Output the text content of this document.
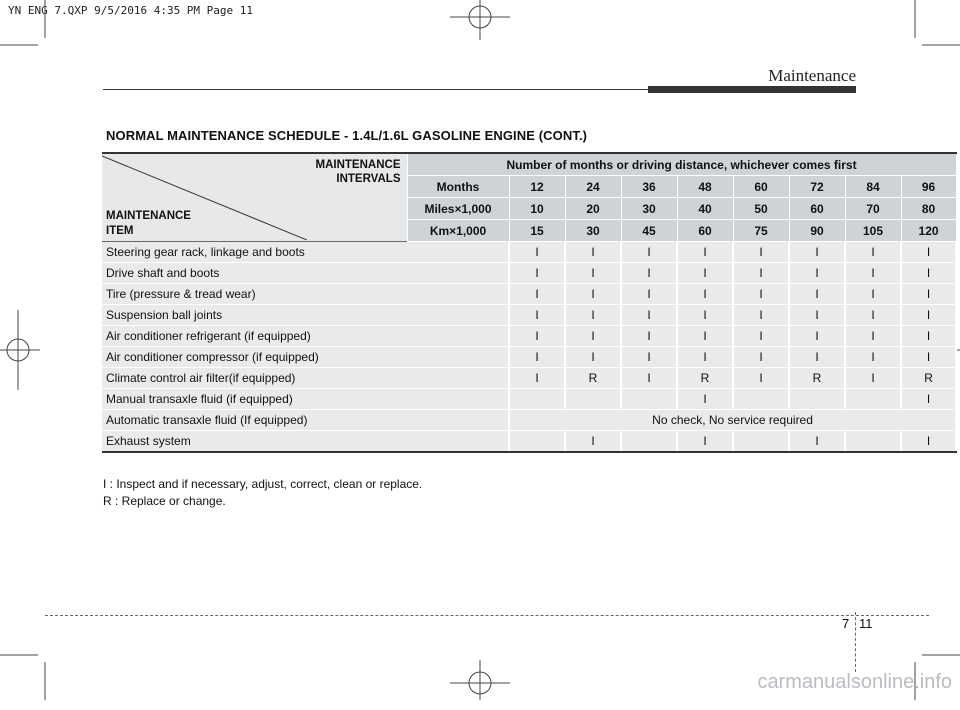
YN ENG 7.QXP 9/5/2016 4:35 PM Page 11
Maintenance
NORMAL MAINTENANCE SCHEDULE - 1.4L/1.6L GASOLINE ENGINE (CONT.)
MAINTENANCE
INTERVALS
MAINTENANCE
ITEM	Number of months or driving distance, whichever comes first								
	Months	12	24	36	48	60	72	84	96
	Miles×1,000	10	20	30	40	50	60	70	80
	Km×1,000	15	30	45	60	75	90	105	120
Steering gear rack, linkage and boots		I	I	I	I	I	I	I	I
Drive shaft and boots		I	I	I	I	I	I	I	I
Tire (pressure & tread wear)		I	I	I	I	I	I	I	I
Suspension ball joints		I	I	I	I	I	I	I	I
Air conditioner refrigerant (if equipped)		I	I	I	I	I	I	I	I
Air conditioner compressor (if equipped)		I	I	I	I	I	I	I	I
Climate control air filter(if equipped)		I	R	I	R	I	R	I	R
Manual transaxle fluid (if equipped)					I				I
Automatic transaxle fluid (If equipped)		No check, No service required							
Exhaust system			I		I		I		I
I : Inspect and if necessary, adjust, correct, clean or replace.
R : Replace or change.
7 11
carmanualsonline.info
